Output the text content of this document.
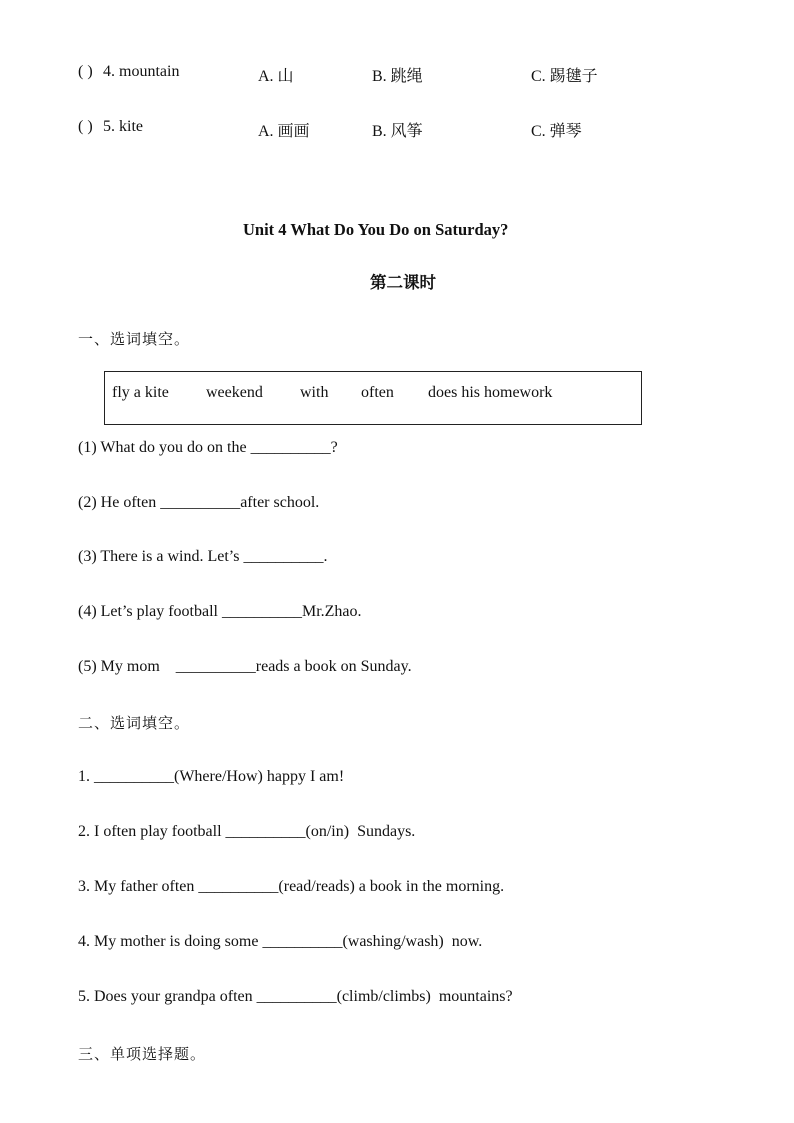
( ) 4. mountain	A. 山	B. 跳绳	C. 踢毽子
( ) 5. kite	A. 画画	B. 风筝	C. 弹琴
Unit 4 What Do You Do on Saturday?
第二课时
一、选词填空。
fly a kite weekend with often does his homework
(1) What do you do on the __________?
(2) He often __________after school.
(3) There is a wind. Let’s __________.
(4) Let’s play football __________Mr.Zhao.
(5) My mom    __________reads a book on Sunday.
二、选词填空。
1. __________(Where/How) happy I am!
2. I often play football __________(on/in)  Sundays.
3. My father often __________(read/reads) a book in the morning.
4. My mother is doing some __________(washing/wash)  now.
5. Does your grandpa often __________(climb/climbs)  mountains?
三、单项选择题。
